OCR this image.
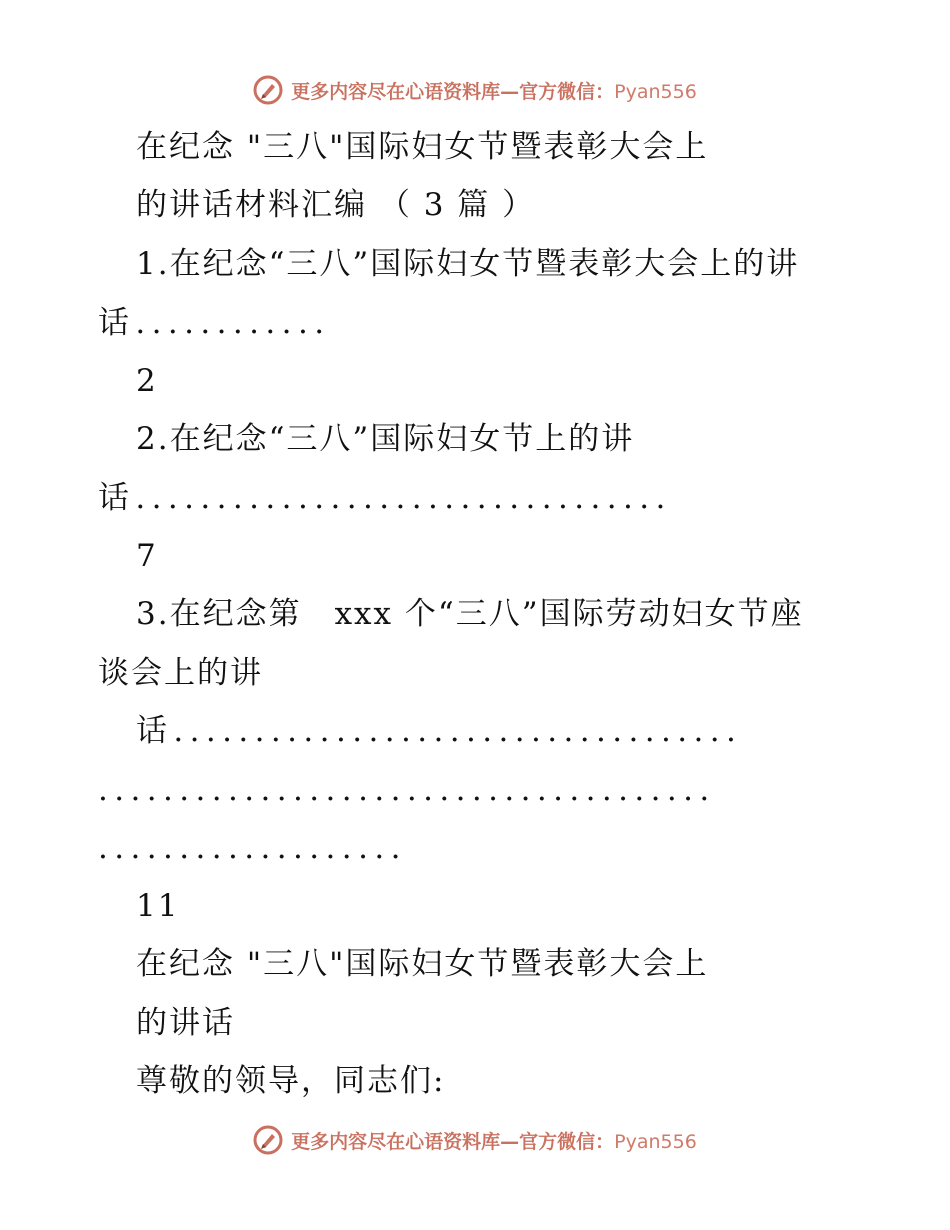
更多内容尽在心语资料库—官方微信：Pyan556
在纪念 "三八"国际妇女节暨表彰大会上
的讲话材料汇编 （ 3 篇 ）
1.在纪念“三八”国际妇女节暨表彰大会上的讲
话............
2
2.在纪念“三八”国际妇女节上的讲
话.................................
7
3.在纪念第　xxx 个“三八”国际劳动妇女节座
谈会上的讲
话...................................
......................................
...................
11
在纪念 "三八"国际妇女节暨表彰大会上
的讲话
尊敬的领导，同志们:
更多内容尽在心语资料库—官方微信：Pyan556
